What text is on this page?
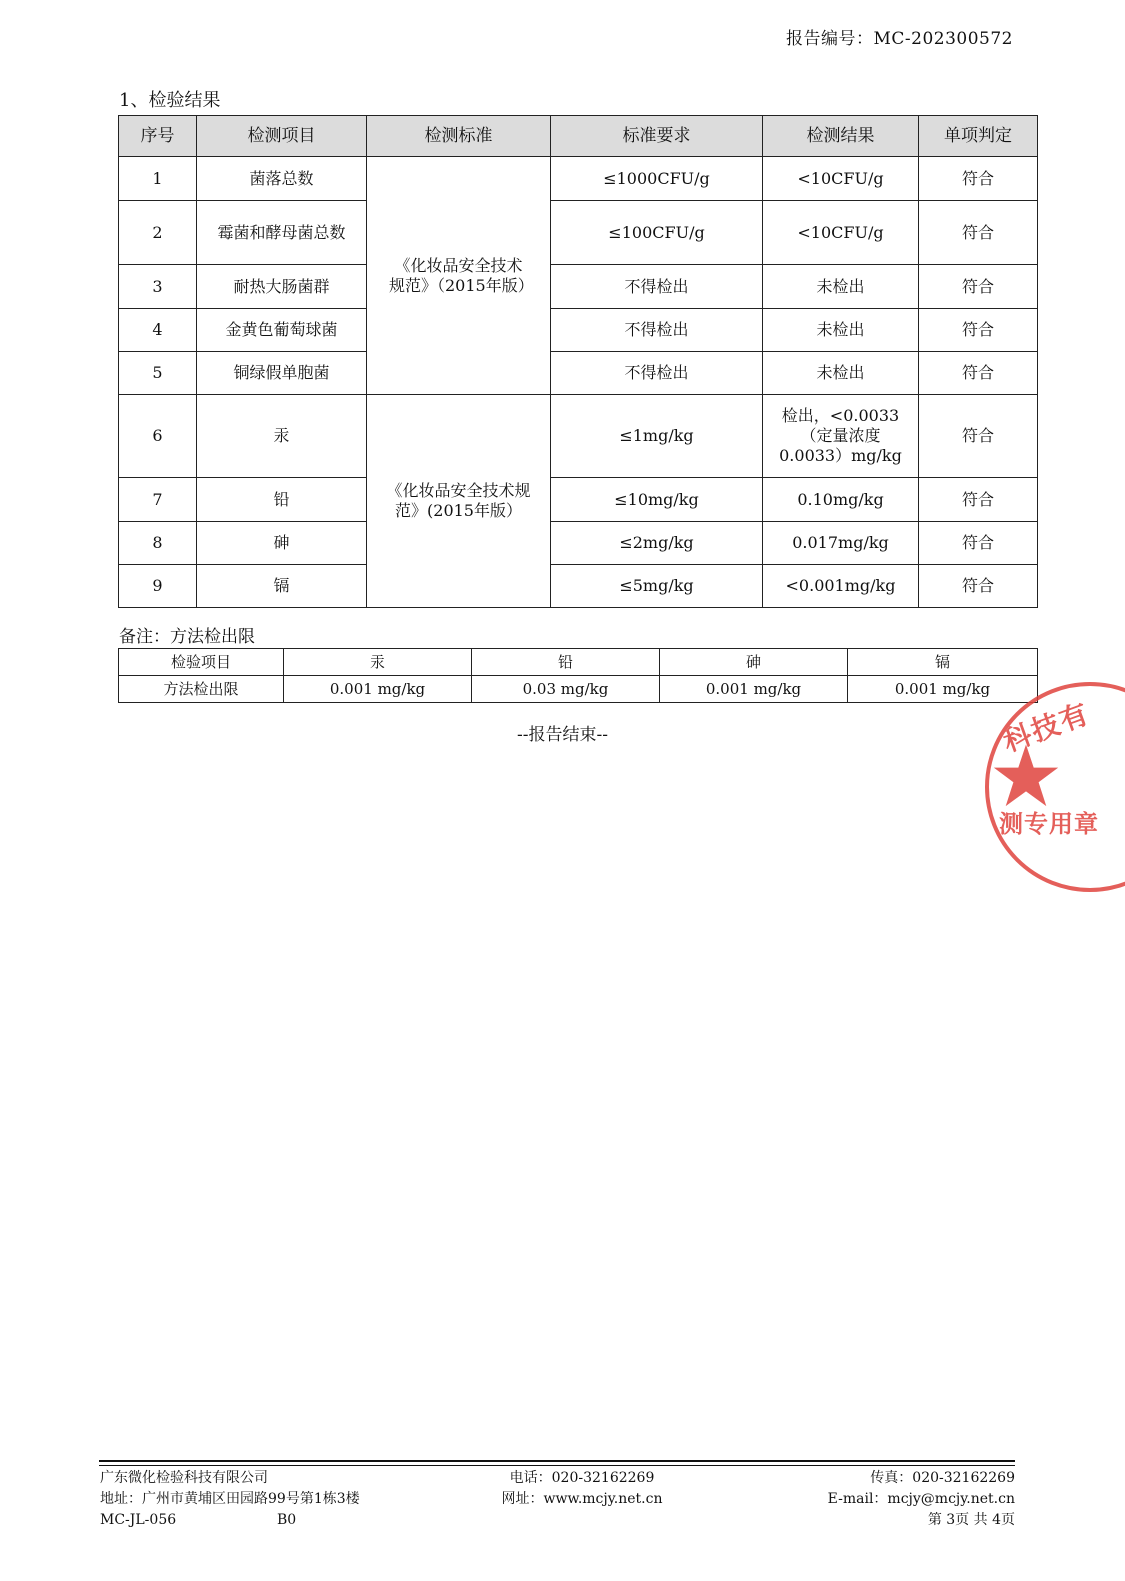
报告编号：MC-202300572
1、检验结果
序号	检测项目	检测标准	标准要求	检测结果	单项判定
1	菌落总数	《化妆品安全技术规范》（2015年版）	≤1000CFU/g	<10CFU/g	符合
2	霉菌和酵母菌总数		≤100CFU/g	<10CFU/g	符合
3	耐热大肠菌群		不得检出	未检出	符合
4	金黄色葡萄球菌		不得检出	未检出	符合
5	铜绿假单胞菌		不得检出	未检出	符合
6	汞	《化妆品安全技术规范》(2015年版）	≤1mg/kg	检出，<0.0033（定量浓度0.0033）mg/kg	符合
7	铅		≤10mg/kg	0.10mg/kg	符合
8	砷		≤2mg/kg	0.017mg/kg	符合
9	镉		≤5mg/kg	<0.001mg/kg	符合
备注：方法检出限
检验项目	汞	铅	砷	镉
方法检出限	0.001 mg/kg	0.03 mg/kg	0.001 mg/kg	0.001 mg/kg
--报告结束--	科技有
测专用章
广东微化检验科技有限公司	电话：020-32162269	传真：020-32162269
地址：广州市黄埔区田园路99号第1栋3楼	网址：www.mcjy.net.cn	E-mail：mcjy@mcjy.net.cn
MC-JL-056	B0	第 3页 共 4页
